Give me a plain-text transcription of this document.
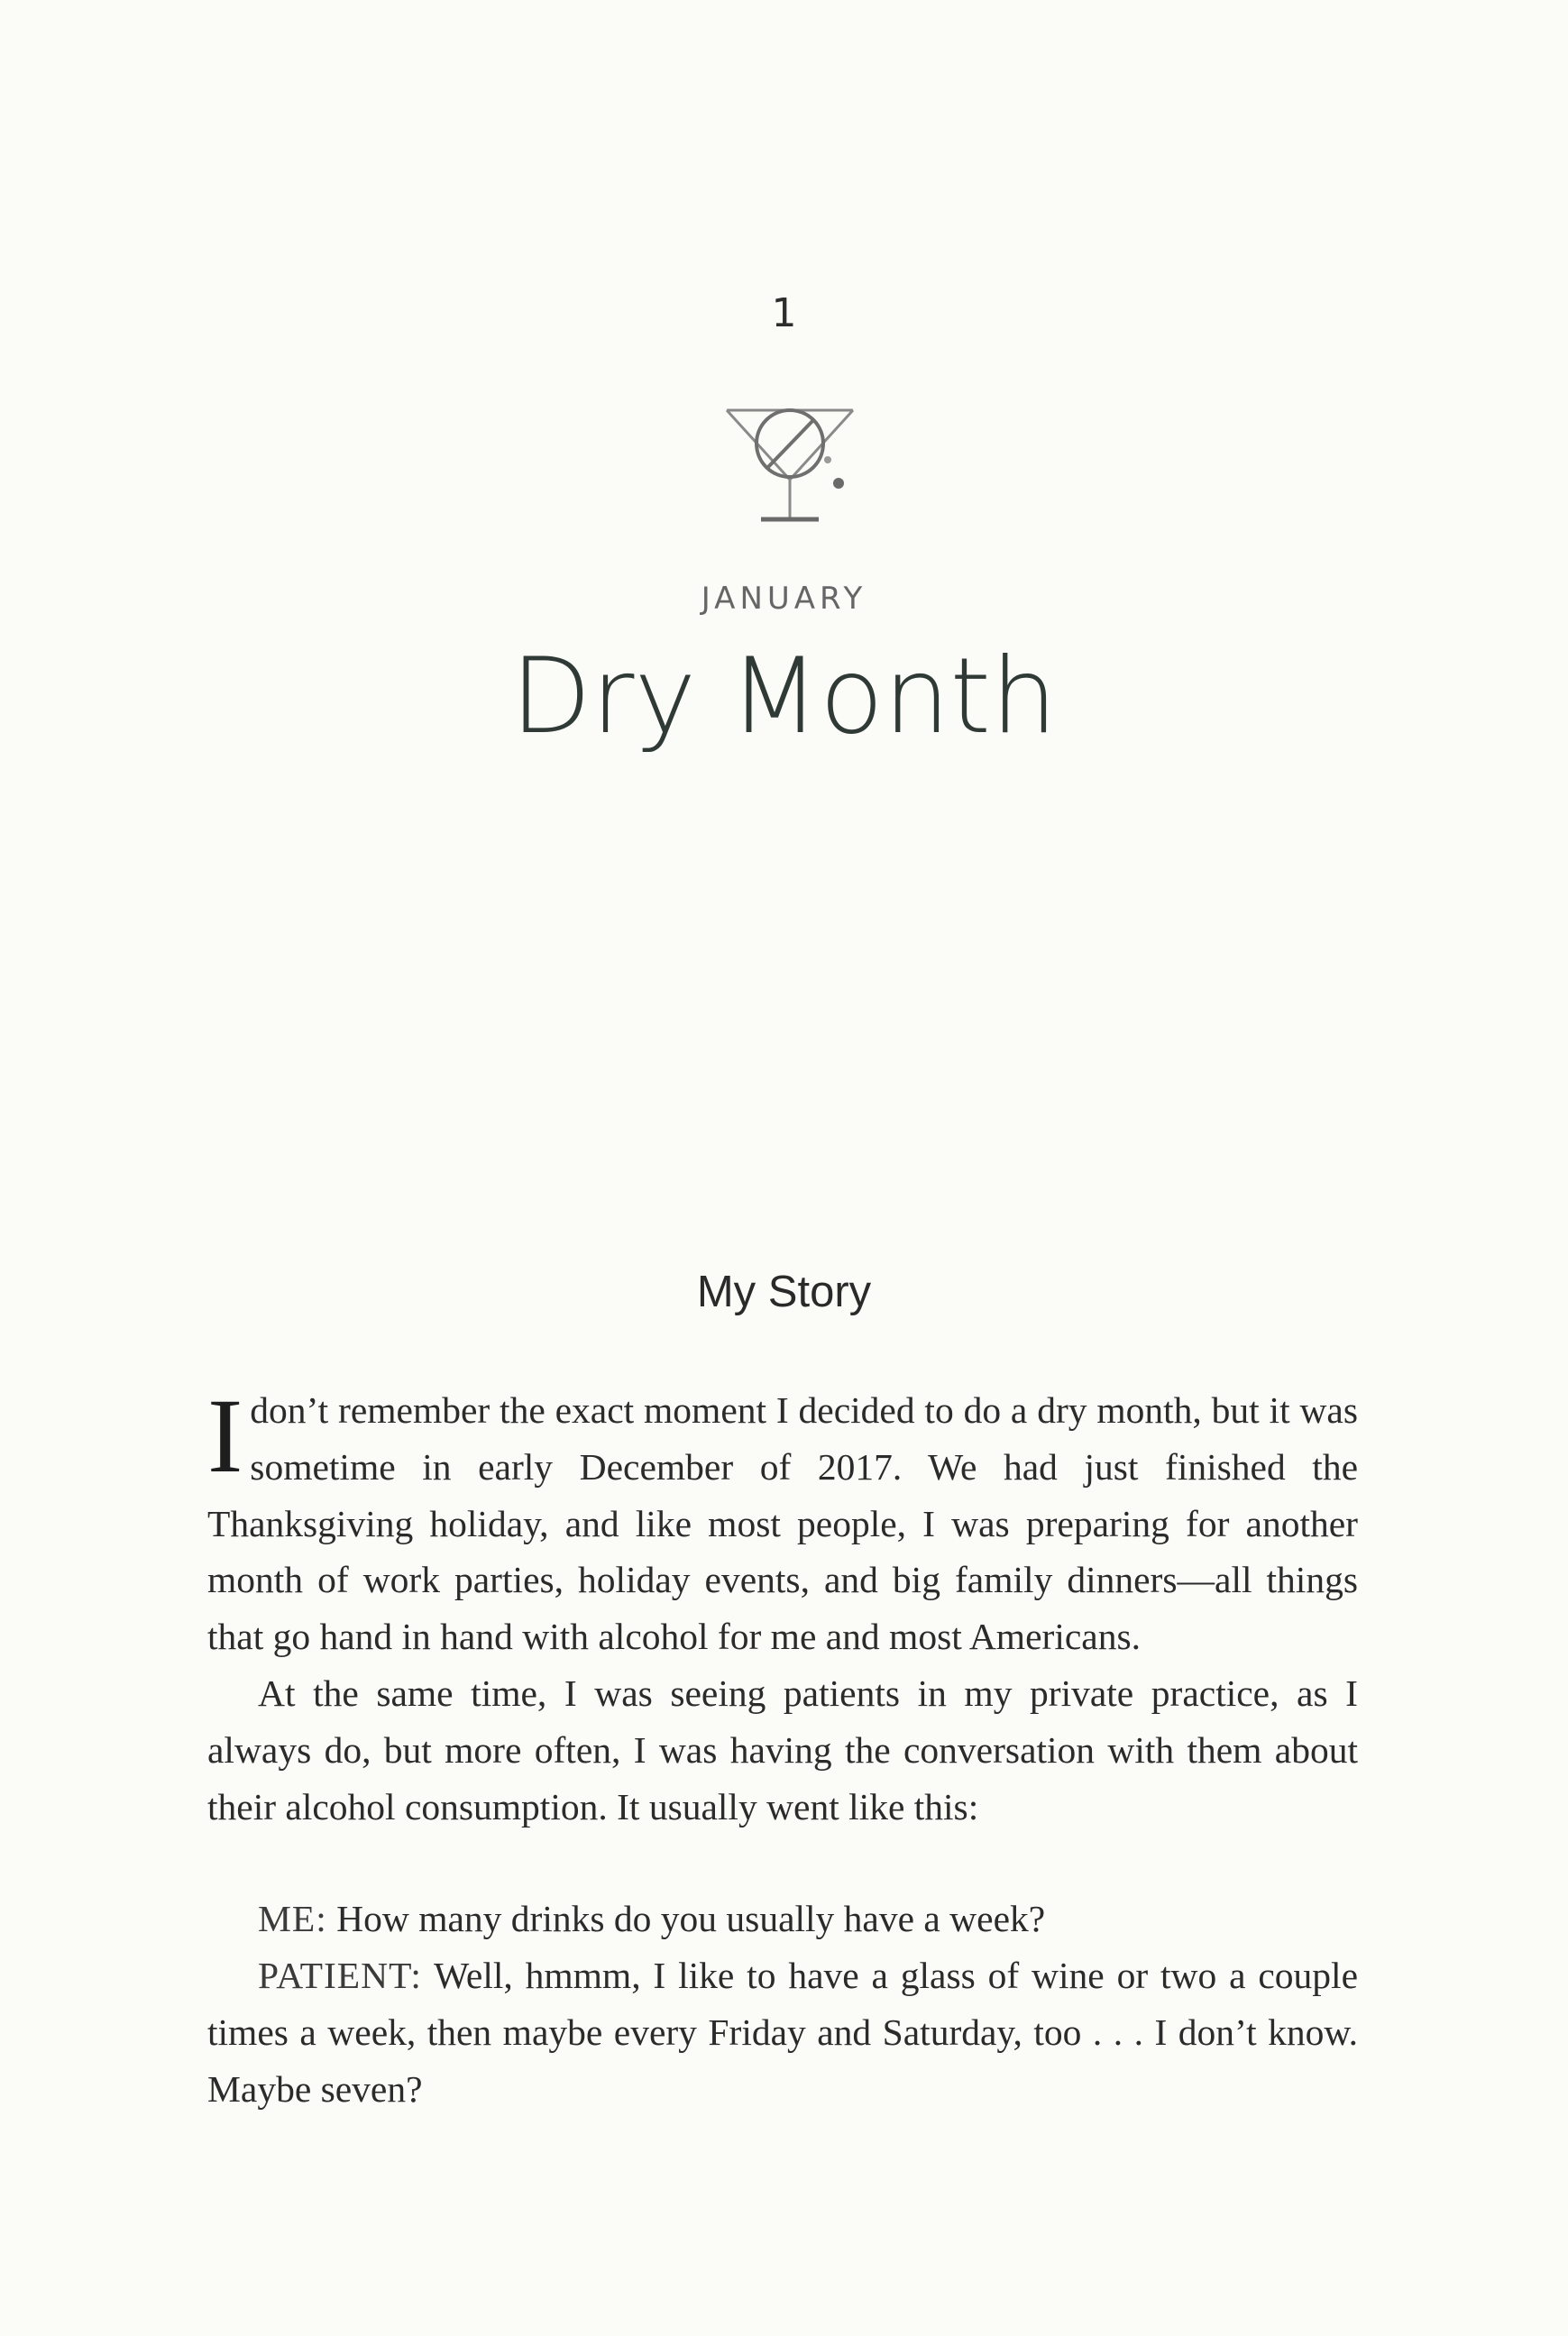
1
JANUARY
Dry Month
My Story

Idon’t remember the exact moment I decided to do a dry month, but it was sometime in early December of 2017. We had just finished the Thanksgiving holiday, and like most people, I was preparing for another month of work parties, holiday events, and big family dinners—all things that go hand in hand with alcohol for me and most Americans.

At the same time, I was seeing patients in my private practice, as I always do, but more often, I was having the conversation with them about their alcohol consumption. It usually went like this:

ME: How many drinks do you usually have a week?

PATIENT: Well, hmmm, I like to have a glass of wine or two a couple times a week, then maybe every Friday and Saturday, too . . . I don’t know. Maybe seven?
